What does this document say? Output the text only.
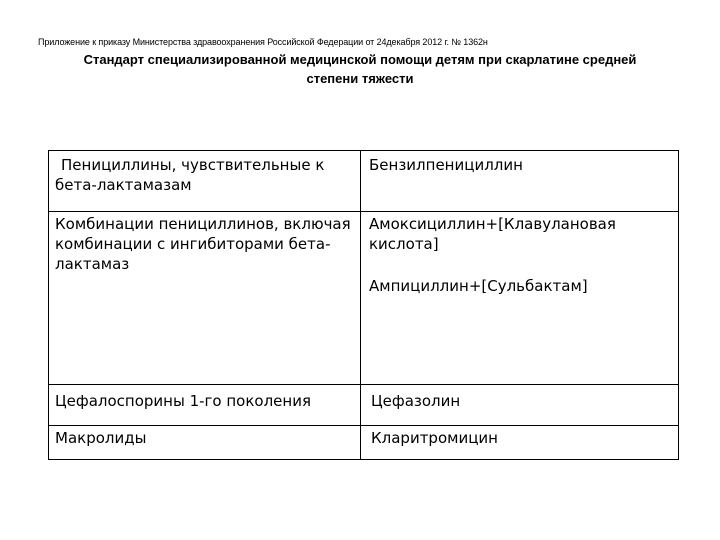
Приложение к приказу Министерства здравоохранения Российской Федерации от 24декабря 2012 г. № 1362н
Стандарт специализированной медицинской помощи детям при скарлатине средней
степени тяжести
Пенициллины, чувствительные к бета-лактамазам	Бензилпенициллин

Комбинации пенициллинов, включая комбинации с ингибиторами бета-лактамаз	Амоксициллин+[Клавулановая кислота]
Ампициллин+[Сульбактам]

Цефалоспорины 1-го поколения	Цефазолин

Макролиды	Кларитромицин
